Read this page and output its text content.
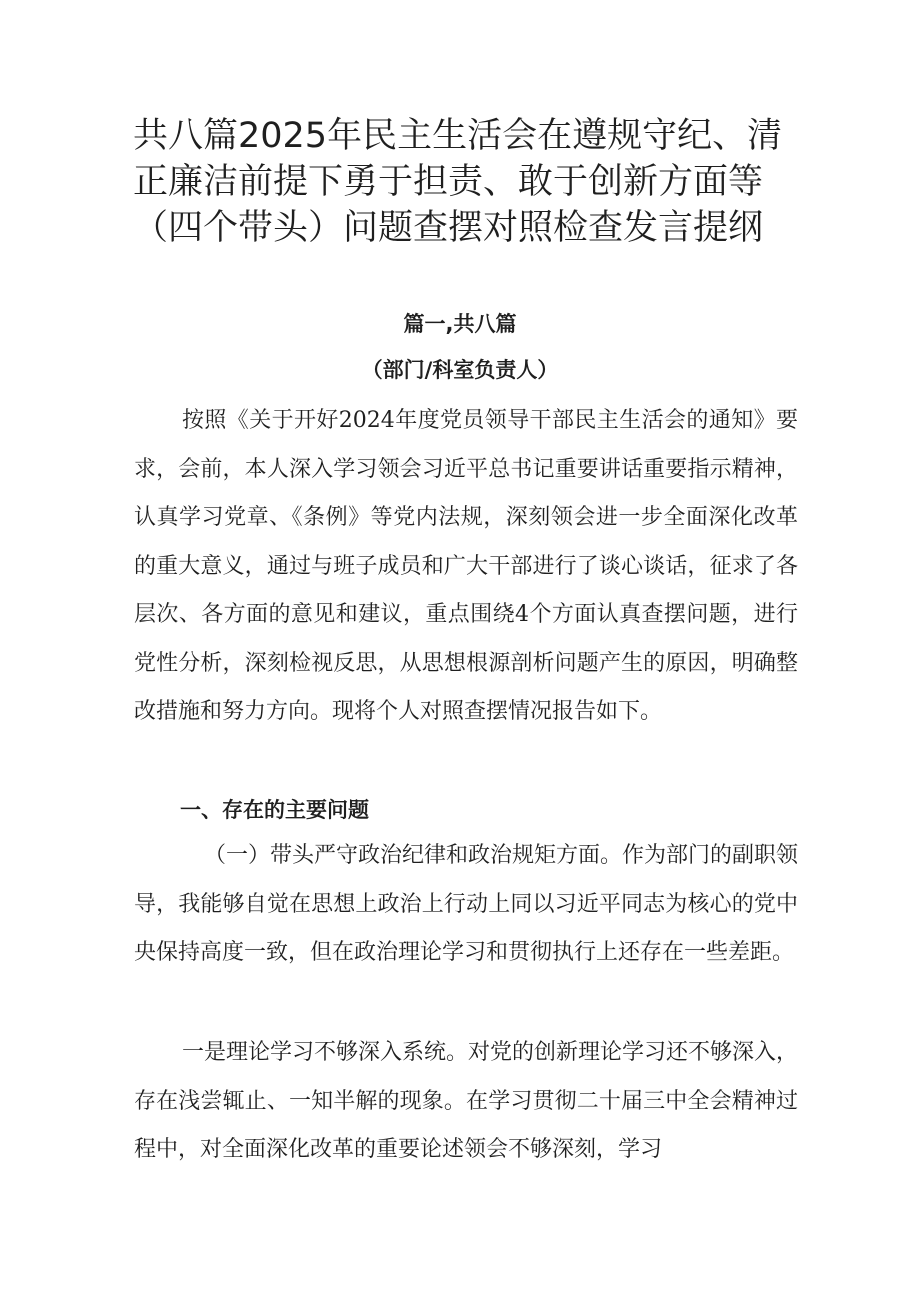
共八篇2025年民主生活会在遵规守纪、清正廉洁前提下勇于担责、敢于创新方面等（四个带头）问题查摆对照检查发言提纲
篇一,共八篇
（部门/科室负责人）

按照《关于开好2024年度党员领导干部民主生活会的通知》要求，会前，本人深入学习领会习近平总书记重要讲话重要指示精神，认真学习党章、《条例》等党内法规，深刻领会进一步全面深化改革的重大意义，通过与班子成员和广大干部进行了谈心谈话，征求了各层次、各方面的意见和建议，重点围绕4个方面认真查摆问题，进行党性分析，深刻检视反思，从思想根源剖析问题产生的原因，明确整改措施和努力方向。现将个人对照查摆情况报告如下。

一、存在的主要问题

（一）带头严守政治纪律和政治规矩方面。作为部门的副职领导，我能够自觉在思想上政治上行动上同以习近平同志为核心的党中央保持高度一致，但在政治理论学习和贯彻执行上还存在一些差距。

一是理论学习不够深入系统。对党的创新理论学习还不够深入，存在浅尝辄止、一知半解的现象。在学习贯彻二十届三中全会精神过程中，对全面深化改革的重要论述领会不够深刻，学习
